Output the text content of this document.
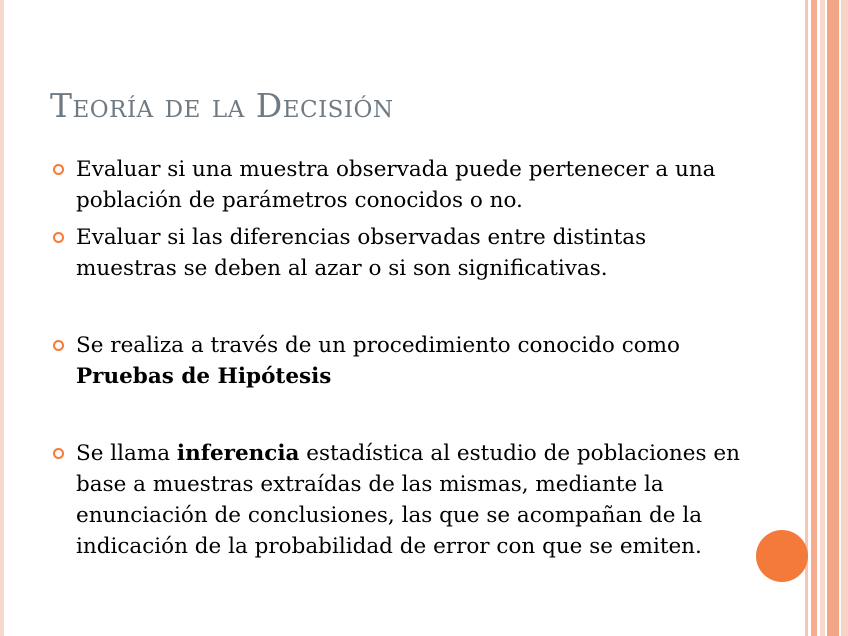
Teoría de la Decisión
Evaluar si una muestra observada puede pertenecer a una población de parámetros conocidos o no.
Evaluar si las diferencias observadas entre distintas muestras se deben al azar o si son significativas.
Se realiza a través de un procedimiento conocido como Pruebas de Hipótesis
Se llama inferencia estadística al estudio de poblaciones en base a muestras extraídas de las mismas, mediante la enunciación de conclusiones, las que se acompañan de la indicación de la probabilidad de error con que se emiten.
